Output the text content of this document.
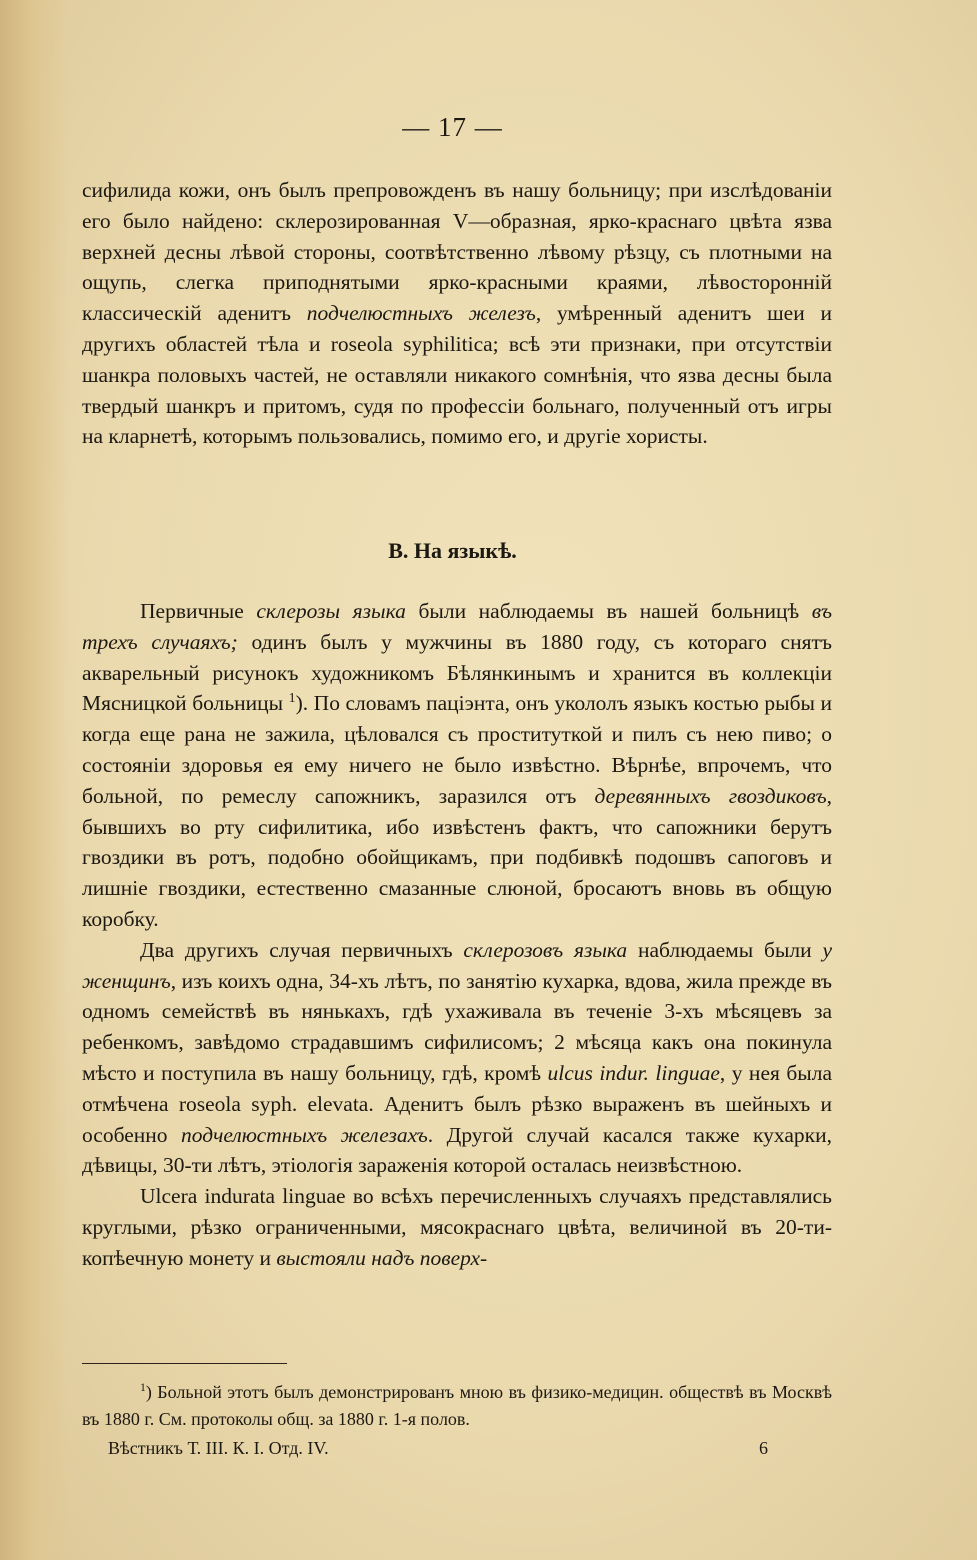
— 17 —

сифилида кожи, онъ былъ препровожденъ въ нашу больницу; при изслѣдованіи его было найдено: склерозированная V—образная, ярко-краснаго цвѣта язва верхней десны лѣвой стороны, соотвѣтственно лѣвому рѣзцу, съ плотными на ощупь, слегка приподнятыми ярко-красными краями, лѣвосторонній классическій аденитъ подчелюстныхъ железъ, умѣренный аденитъ шеи и другихъ областей тѣла и roseola syphilitica; всѣ эти признаки, при отсутствіи шанкра половыхъ частей, не оставляли никакого сомнѣнія, что язва десны была твердый шанкръ и притомъ, судя по профессіи больнаго, полученный отъ игры на кларнетѣ, которымъ пользовались, помимо его, и другіе хористы.

B. На языкѣ.

Первичные склерозы языка были наблюдаемы въ нашей больницѣ въ трехъ случаяхъ; одинъ былъ у мужчины въ 1880 году, съ котораго снятъ акварельный рисунокъ художникомъ Бѣлянкинымъ и хранится въ коллекціи Мясницкой больницы $^1$). По словамъ паціэнта, онъ укололъ языкъ костью рыбы и когда еще рана не зажила, цѣловался съ проституткой и пилъ съ нею пиво; о состояніи здоровья ея ему ничего не было извѣстно. Вѣрнѣе, впрочемъ, что больной, по ремеслу сапожникъ, заразился отъ деревянныхъ гвоздиковъ, бывшихъ во рту сифилитика, ибо извѣстенъ фактъ, что сапожники берутъ гвоздики въ ротъ, подобно обойщикамъ, при подбивкѣ подошвъ сапоговъ и лишніе гвоздики, естественно смазанные слюной, бросаютъ вновь въ общую коробку.

Два другихъ случая первичныхъ склерозовъ языка наблюдаемы были у женщинъ, изъ коихъ одна, 34-хъ лѣтъ, по занятію кухарка, вдова, жила прежде въ одномъ семействѣ въ нянькахъ, гдѣ ухаживала въ теченіе 3-хъ мѣсяцевъ за ребенкомъ, завѣдомо страдавшимъ сифилисомъ; 2 мѣсяца какъ она покинула мѣсто и поступила въ нашу больницу, гдѣ, кромѣ ulcus indur. linguae, у нея была отмѣчена roseola syph. elevata. Аденитъ былъ рѣзко выраженъ въ шейныхъ и особенно подчелюстныхъ железахъ. Другой случай касался также кухарки, дѣвицы, 30-ти лѣтъ, этіологія зараженія которой осталась неизвѣстною.

Ulcera indurata linguae во всѣхъ перечисленныхъ случаяхъ представлялись круглыми, рѣзко ограниченными, мясокраснаго цвѣта, величиной въ 20-ти-копѣечную монету и выстояли надъ поверх-

$^1$) Больной этотъ былъ демонстрированъ мною въ физико-медицин. обществѣ въ Москвѣ въ 1880 г. См. протоколы общ. за 1880 г. 1-я полов.
Вѣстникъ Т. III. К. I. Отд. IV.	6
